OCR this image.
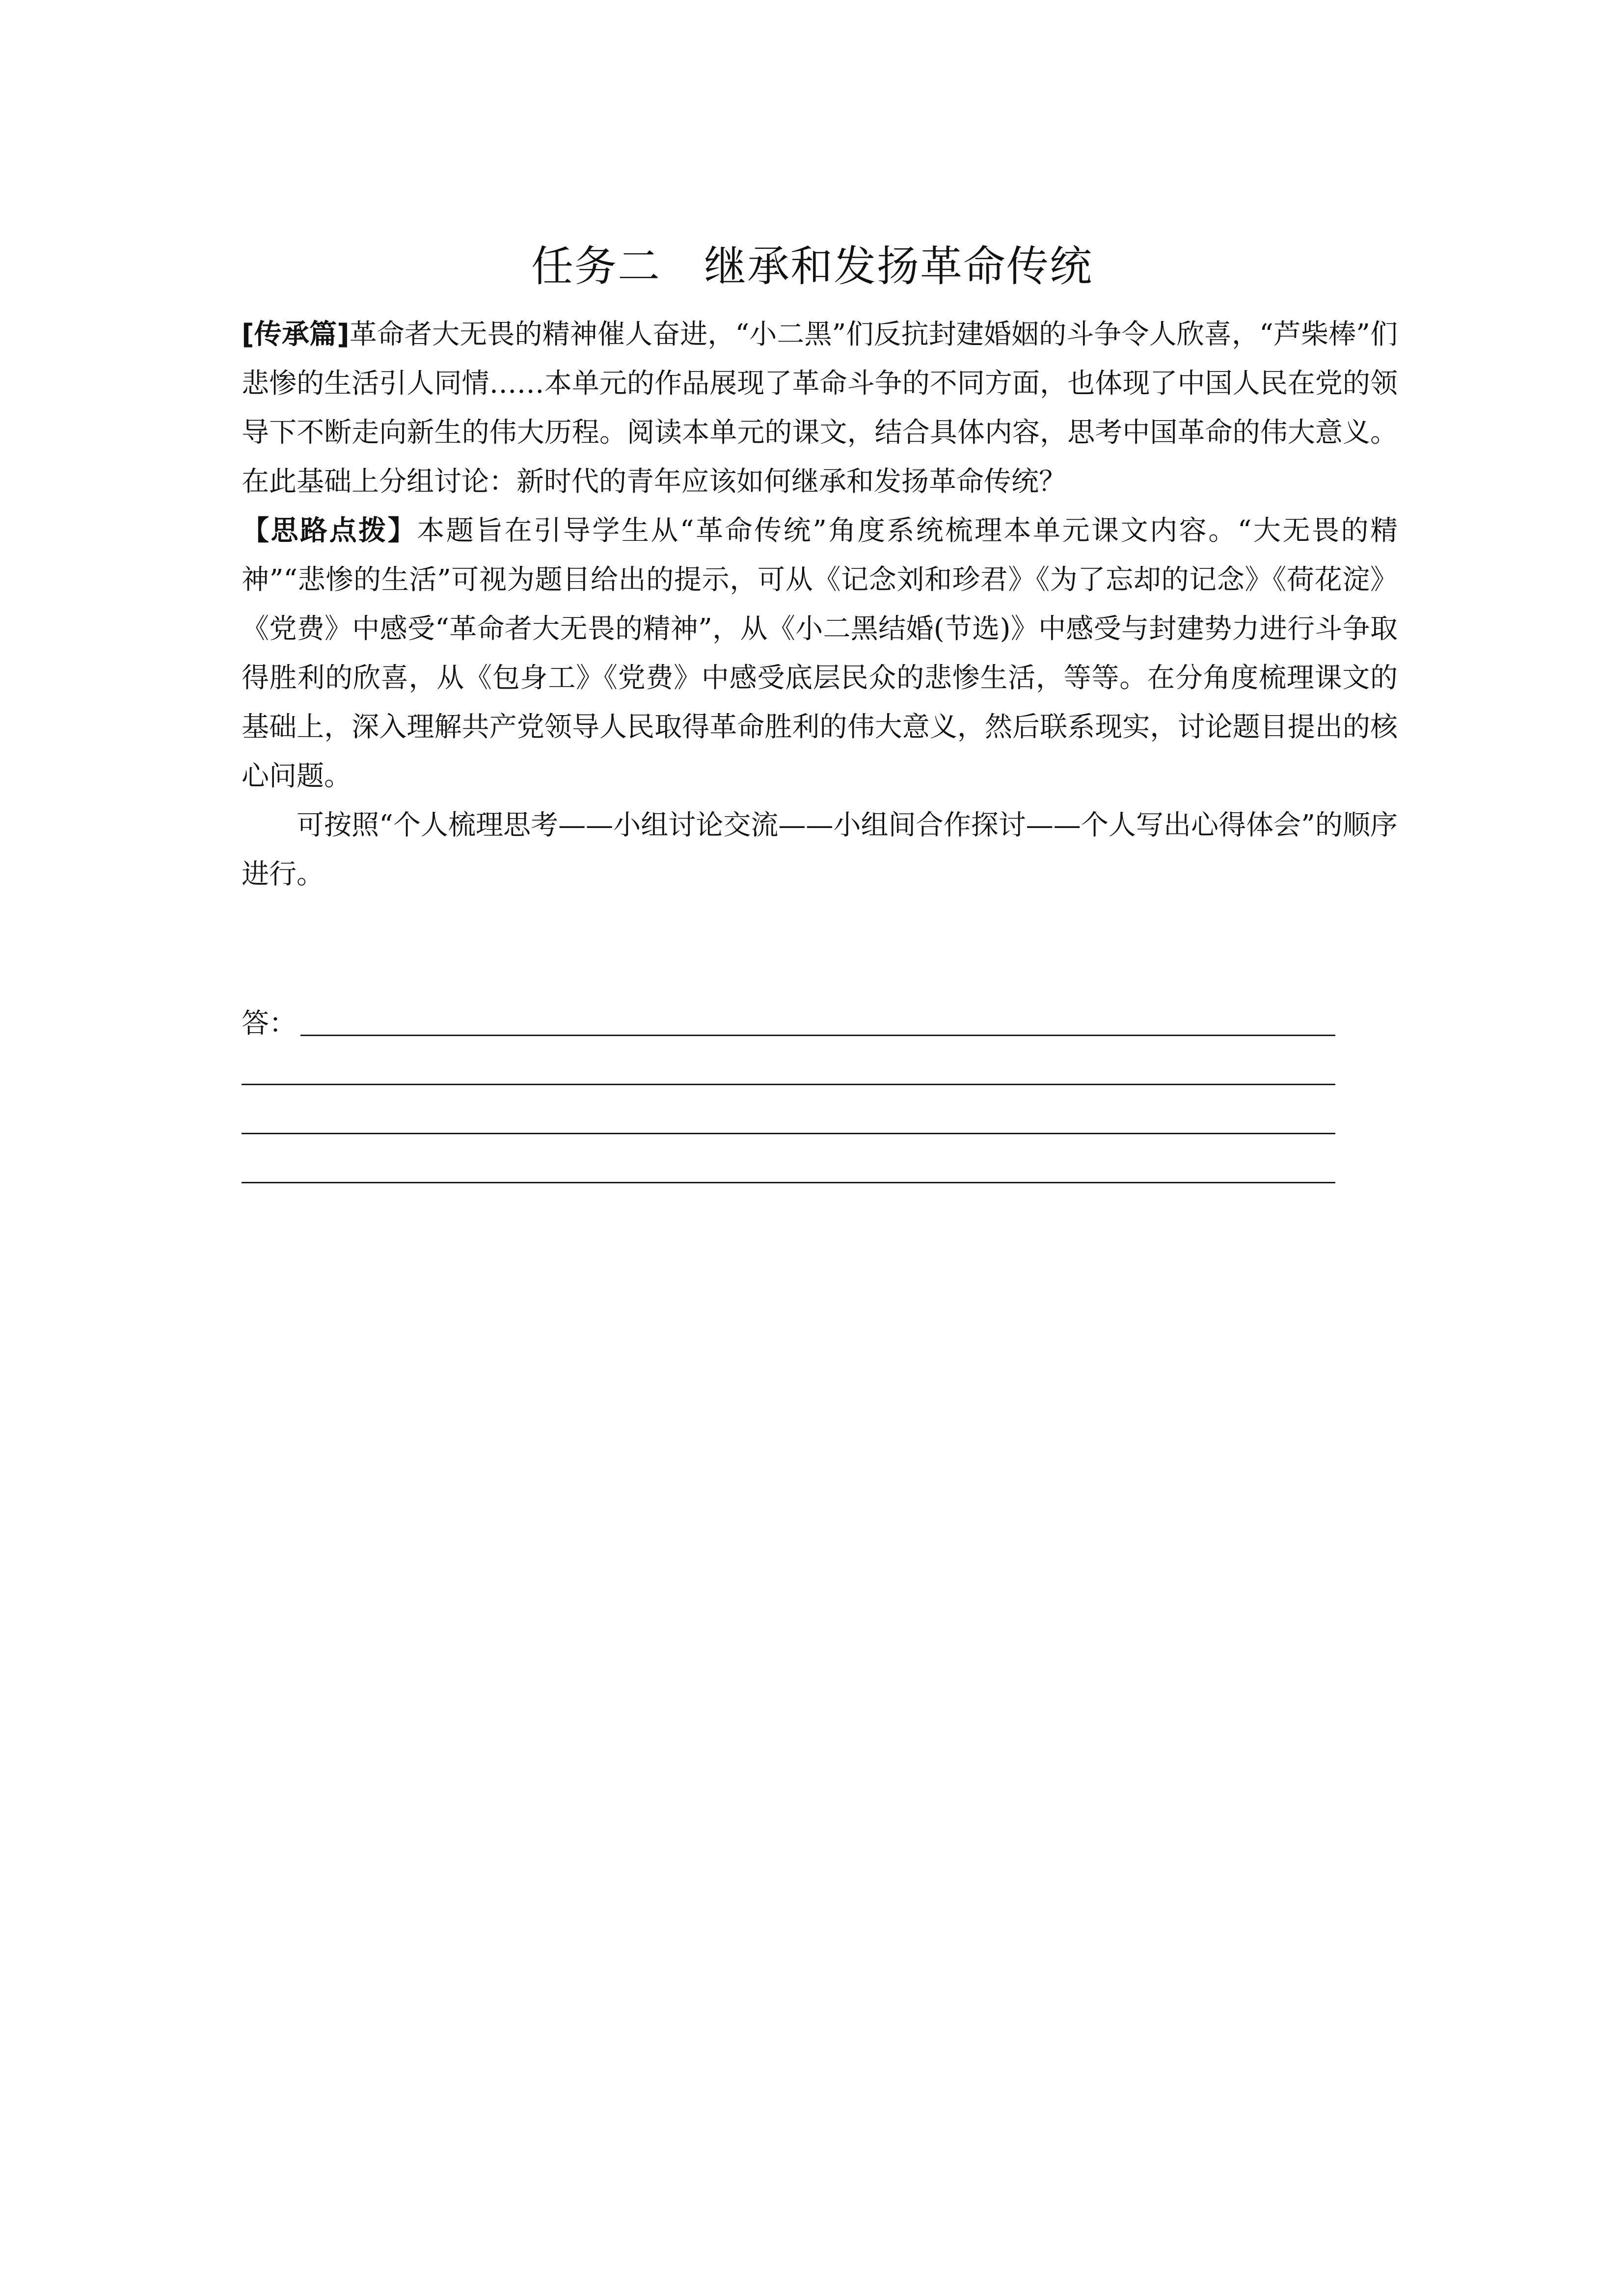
任务二　继承和发扬革命传统

[传承篇]革命者大无畏的精神催人奋进，“小二黑”们反抗封建婚姻的斗争令人欣喜，“芦柴棒”们悲惨的生活引人同情……本单元的作品展现了革命斗争的不同方面，也体现了中国人民在党的领导下不断走向新生的伟大历程。阅读本单元的课文，结合具体内容，思考中国革命的伟大意义。在此基础上分组讨论：新时代的青年应该如何继承和发扬革命传统？

【思路点拨】本题旨在引导学生从“革命传统”角度系统梳理本单元课文内容。“大无畏的精神”“悲惨的生活”可视为题目给出的提示，可从《记念刘和珍君》《为了忘却的记念》《荷花淀》《党费》中感受“革命者大无畏的精神”，从《小二黑结婚(节选)》中感受与封建势力进行斗争取得胜利的欣喜，从《包身工》《党费》中感受底层民众的悲惨生活，等等。在分角度梳理课文的基础上，深入理解共产党领导人民取得革命胜利的伟大意义，然后联系现实，讨论题目提出的核心问题。

可按照“个人梳理思考——小组讨论交流——小组间合作探讨——个人写出心得体会”的顺序进行。

答：
